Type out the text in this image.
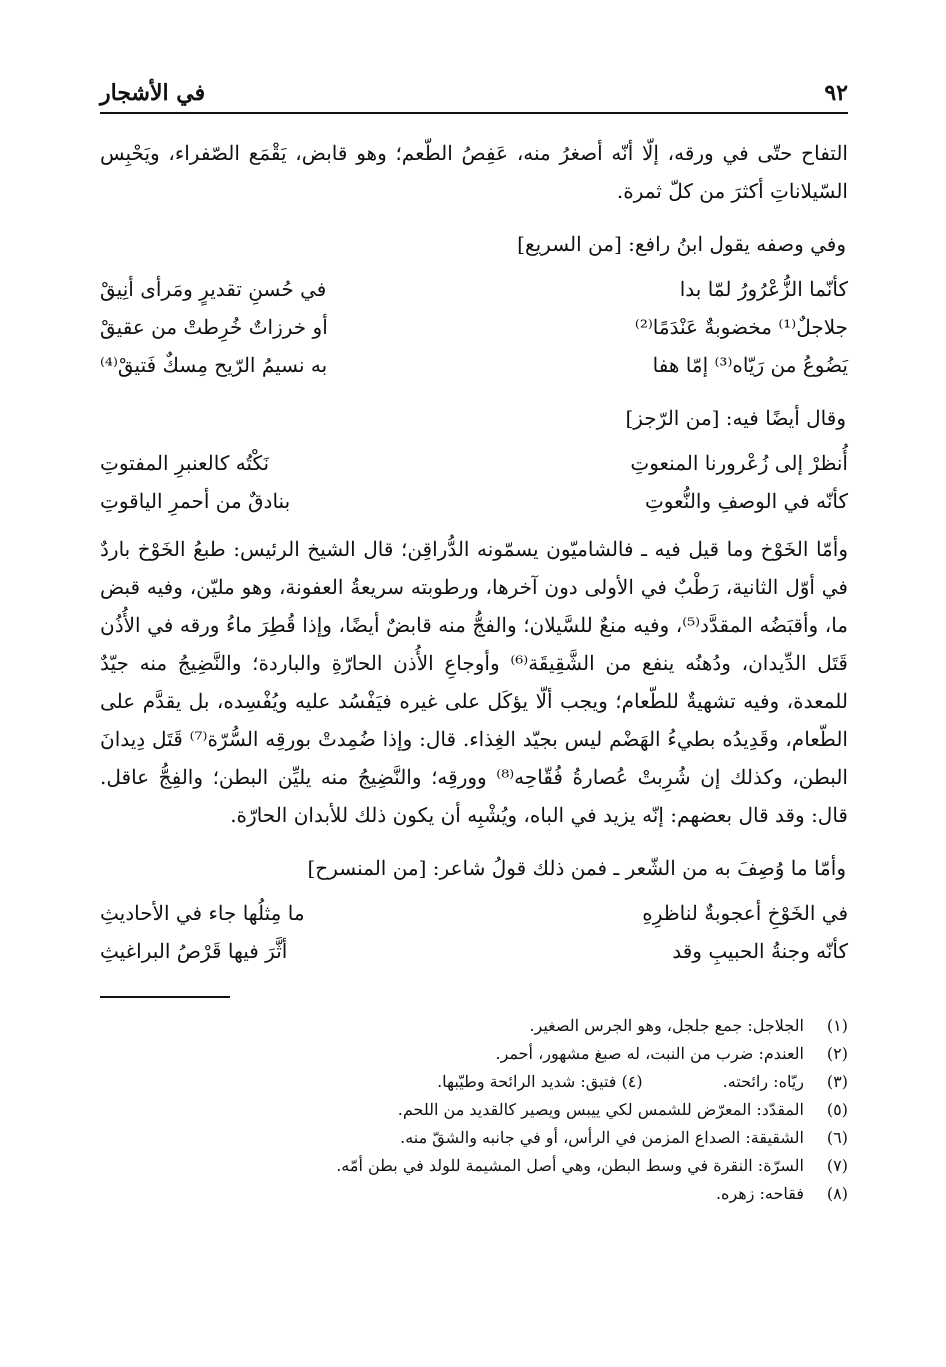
٩٢
في الأشجار

التفاح حتّى في ورقه، إلّا أنّه أصغرُ منه، عَفِصُ الطّعم؛ وهو قابض، يَقْمَع الصّفراء، ويَحْبِس السّيلاناتِ أكثرَ من كلّ ثمرة.

وفي وصفه يقول ابنُ رافع: [من السريع]

كأنّما الزُّعْرُورُ لمّا بدا
في حُسنِ تقديرٍ ومَرأى أنِيقْ

جلاجلٌ⁽¹⁾ مخضوبةٌ عَنْدَمًا⁽²⁾
أو خرزاتٌ خُرِطتْ من عقيقْ

يَضُوعُ من رَيّاه⁽³⁾ إمّا هفا
به نسيمُ الرّيح مِسكٌ فَتيقْ⁽⁴⁾

وقال أيضًا فيه: [من الرّجز]

أُنظرْ إلى زُعْرورنا المنعوتِ
نَكْتُه كالعنبرِ المفتوتِ

كأنّه في الوصفِ والنُّعوتِ
بنادقٌ من أحمرِ الياقوتِ

وأمّا الخَوْخ وما قيل فيه ـ فالشاميّون يسمّونه الدُّراقِن؛ قال الشيخ الرئيس: طبعُ الخَوْخ باردٌ في أوّل الثانية، رَطْبٌ في الأولى دون آخرها، ورطوبته سريعةُ العفونة، وهو مليّن، وفيه قبض ما، وأقبَضُه المقدَّد⁽⁵⁾، وفيه منعٌ للسَّيلان؛ والفجُّ منه قابضٌ أيضًا، وإذا قُطِرَ ماءُ ورقه في الأُذُن قَتَل الدِّيدان، ودُهنُه ينفع من الشَّقِيقَة⁽⁶⁾ وأوجاعِ الأُذن الحارّةِ والباردة؛ والنَّضِيجُ منه جيّدٌ للمعدة، وفيه تشهيةٌ للطّعام؛ ويجب ألّا يؤكَل على غيره فيَفْسُد عليه ويُفْسِده، بل يقدَّم على الطّعام، وقَدِيدُه بطيءُ الهَضْم ليس بجيّد الغِذاء. قال: وإذا ضُمِدتْ بورقِه السُّرّة⁽⁷⁾ قَتَل دِيدانَ البطن، وكذلك إن شُرِبتْ عُصارةُ فُقّاحِه⁽⁸⁾ وورقِه؛ والنَّضِيجُ منه يليِّن البطن؛ والفِجُّ عاقل. قال: وقد قال بعضهم: إنّه يزيد في الباه، ويُشْبِه أن يكون ذلك للأبدان الحارّة.

وأمّا ما وُصِفَ به من الشّعر ـ فمن ذلك قولُ شاعر: [من المنسرح]

في الخَوْخِ أعجوبةٌ لناظرِهِ
ما مِثلُها جاء في الأحاديثِ

كأنّه وجنةُ الحبيبِ وقد
أثَّرَ فيها قَرْصُ البراغيثِ

(١)
الجلاجل: جمع جلجل، وهو الجرس الصغير.

(٢)
العندم: ضرب من النبت، له صبغ مشهور، أحمر.

(٣)
ريّاه: رائحته.
(٤) فتيق: شديد الرائحة وطيّبها.

(٥)
المقدّد: المعرّض للشمس لكي ييبس ويصير كالقديد من اللحم.

(٦)
الشقيقة: الصداع المزمن في الرأس، أو في جانبه والشقّ منه.

(٧)
السرّة: النقرة في وسط البطن، وهي أصل المشيمة للولد في بطن أمّه.

(٨)
فقاحه: زهره.
